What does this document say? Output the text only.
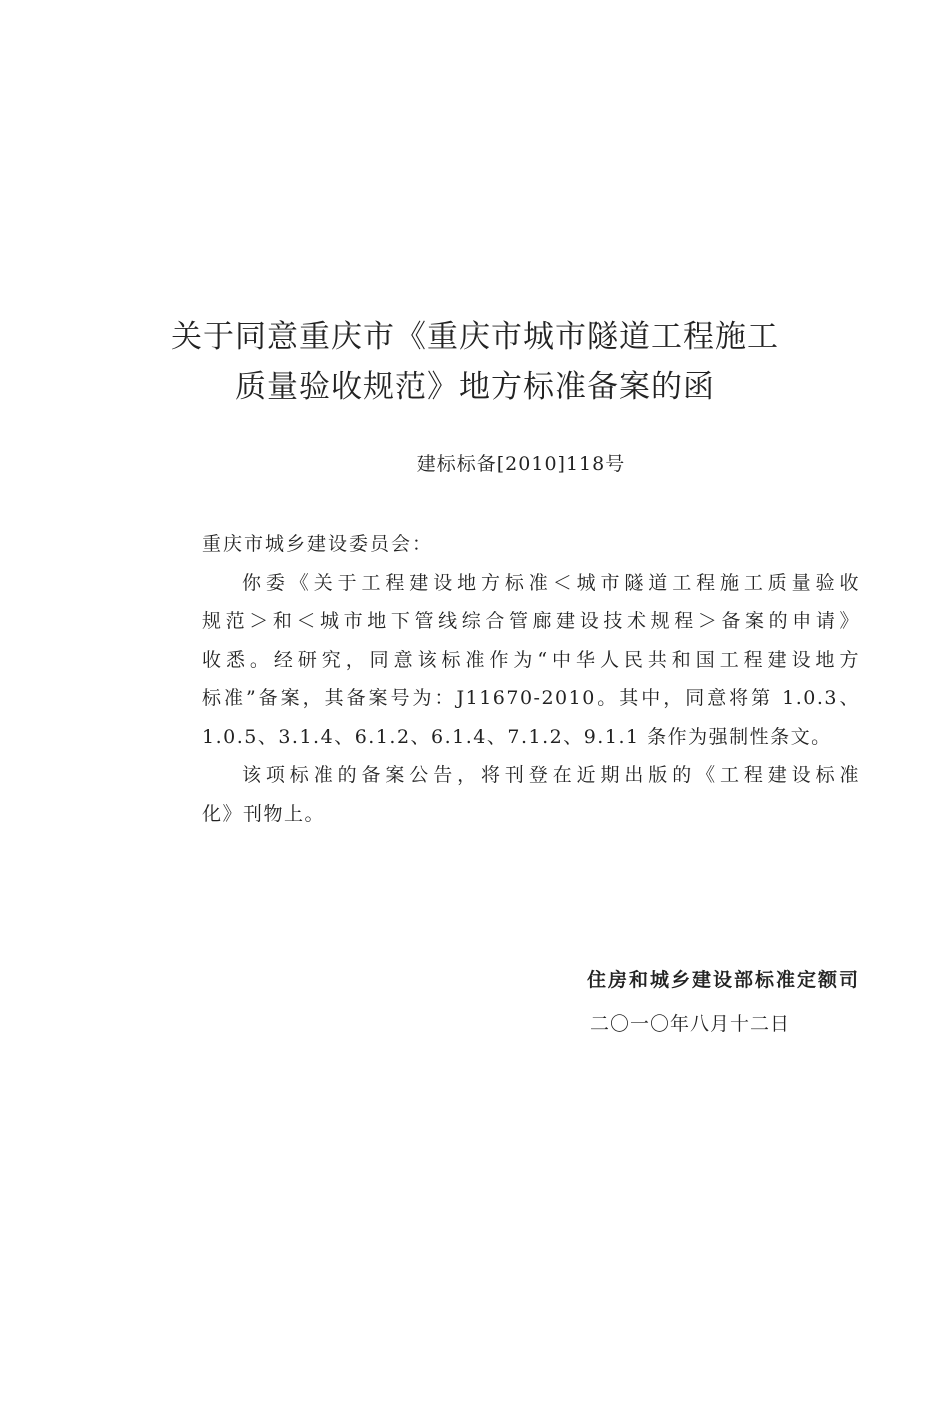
关于同意重庆市《重庆市城市隧道工程施工
质量验收规范》地方标准备案的函
建标标备[2010]118号
重庆市城乡建设委员会：
你委《关于工程建设地方标准＜城市隧道工程施工质量验收
规范＞和＜城市地下管线综合管廊建设技术规程＞备案的申请》
收悉。经研究，同意该标准作为“中华人民共和国工程建设地方
标准”备案，其备案号为：J11670-2010。其中，同意将第 1.0.3、
1.0.5、3.1.4、6.1.2、6.1.4、7.1.2、9.1.1 条作为强制性条文。
该项标准的备案公告，将刊登在近期出版的《工程建设标准
化》刊物上。
住房和城乡建设部标准定额司
二〇一〇年八月十二日
